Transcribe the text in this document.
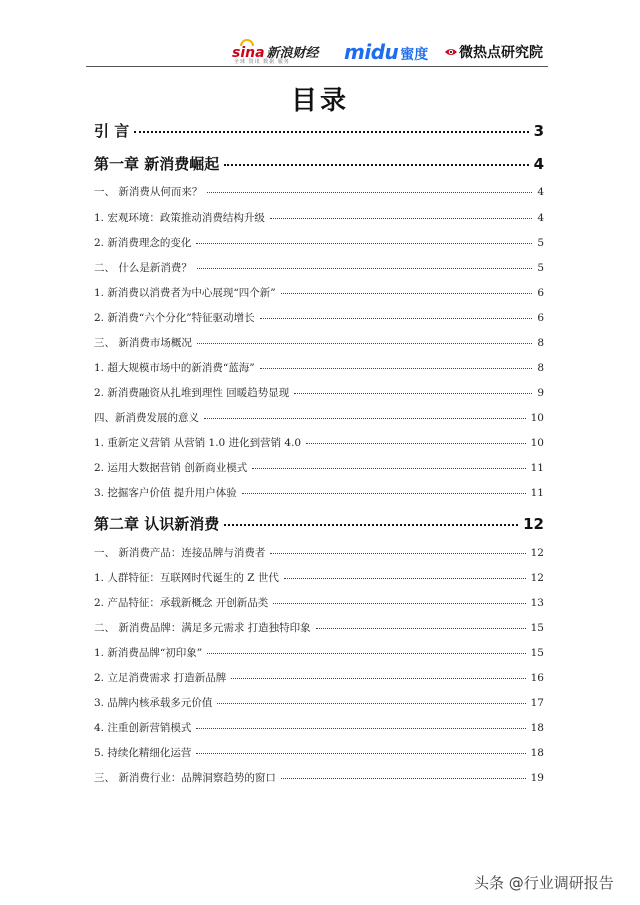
sina 新浪财经
全球 资讯 数据 服务	midu 蜜度	微热点研究院
目录
引 言	3
第一章 新消费崛起	4
一、 新消费从何而来？	4
1. 宏观环境：政策推动消费结构升级	4
2. 新消费理念的变化	5
二、 什么是新消费？	5
1. 新消费以消费者为中心展现“四个新”	6
2. 新消费“六个分化”特征驱动增长	6
三、 新消费市场概况	8
1. 超大规模市场中的新消费“蓝海”	8
2. 新消费融资从扎堆到理性 回暖趋势显现	9
四、新消费发展的意义	10
1. 重新定义营销 从营销 1.0 进化到营销 4.0	10
2. 运用大数据营销 创新商业模式	11
3. 挖掘客户价值 提升用户体验	11
第二章 认识新消费	12
一、 新消费产品：连接品牌与消费者	12
1. 人群特征：互联网时代诞生的 Z 世代	12
2. 产品特征：承载新概念 开创新品类	13
二、 新消费品牌：满足多元需求 打造独特印象	15
1. 新消费品牌“初印象”	15
2. 立足消费需求 打造新品牌	16
3. 品牌内核承载多元价值	17
4. 注重创新营销模式	18
5. 持续化精细化运营	18
三、 新消费行业：品牌洞察趋势的窗口	19
头条 @行业调研报告
